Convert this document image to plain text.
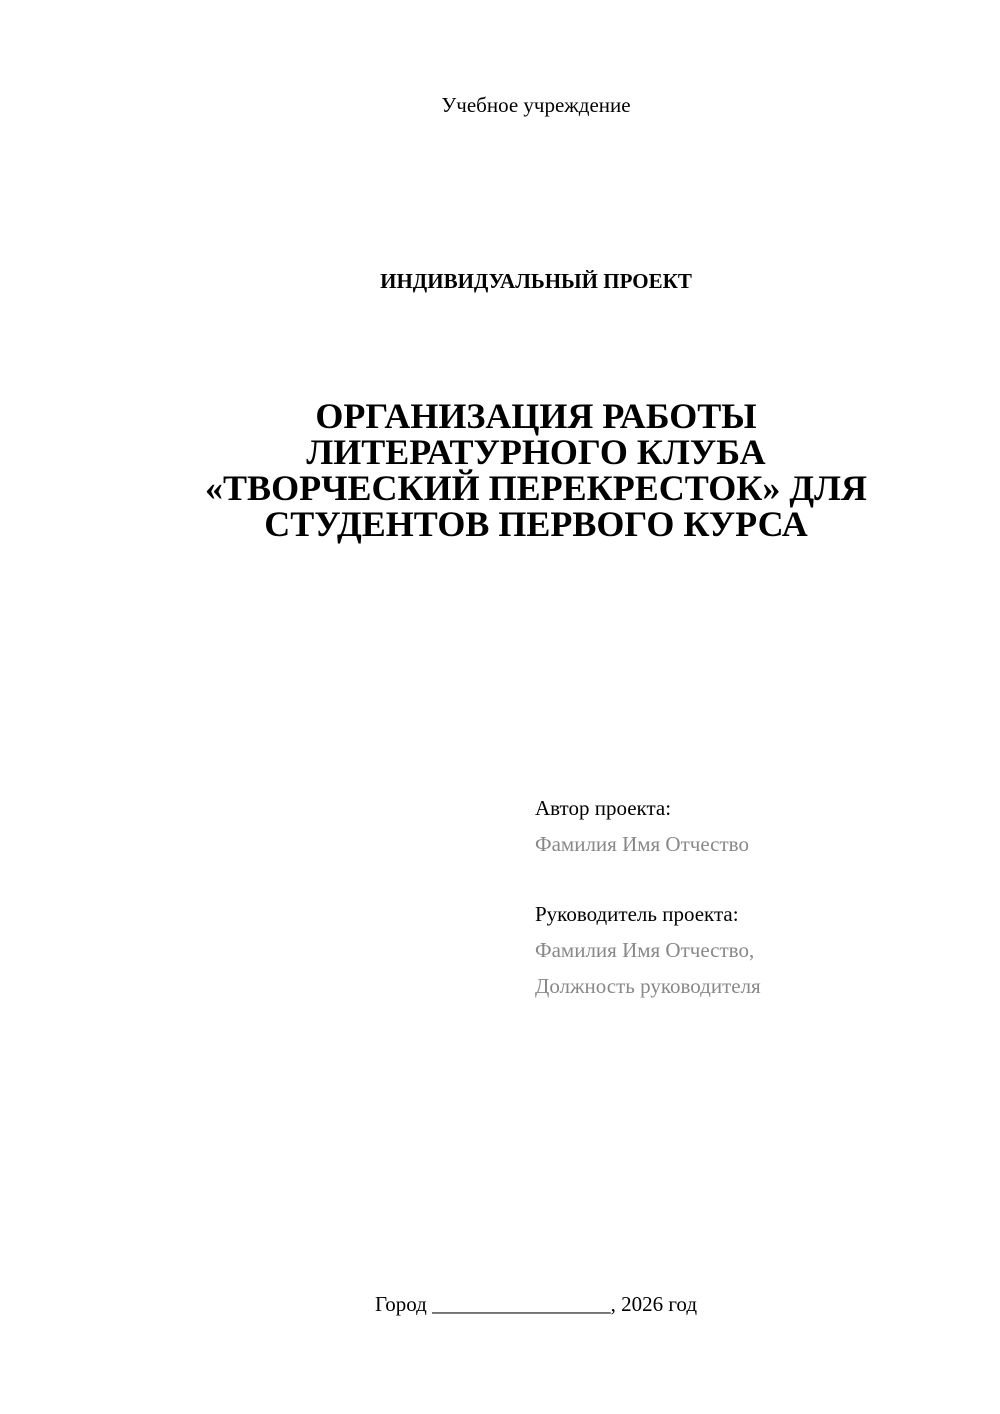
Учебное учреждение
ИНДИВИДУАЛЬНЫЙ ПРОЕКТ
ОРГАНИЗАЦИЯ РАБОТЫ
ЛИТЕРАТУРНОГО КЛУБА
«ТВОРЧЕСКИЙ ПЕРЕКРЕСТОК» ДЛЯ
СТУДЕНТОВ ПЕРВОГО КУРСА
Автор проекта:
Фамилия Имя Отчество
Руководитель проекта:
Фамилия Имя Отчество,
Должность руководителя
Город _________________, 2026 год
